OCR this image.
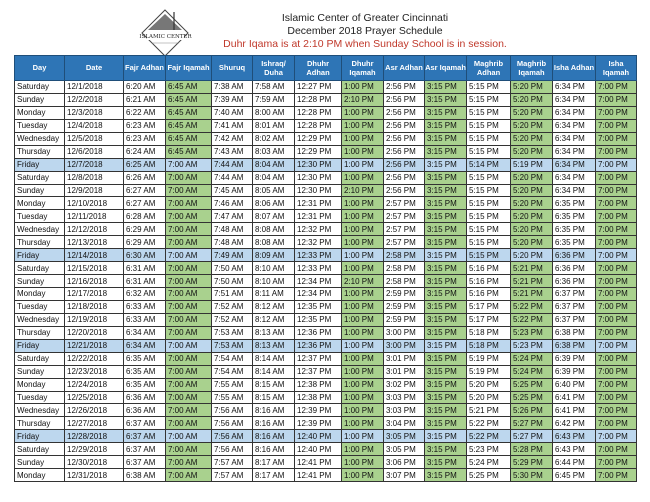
ISLAMIC CENTER
Islamic Center of Greater Cincinnati
December 2018 Prayer Schedule
Duhr Iqama is at 2:10 PM when Sunday School is in session.
Day	Date	Fajr Adhan	Fajr Iqamah	Shuruq	Ishraq/ Duha	Dhuhr Adhan	Dhuhr Iqamah	Asr Adhan	Asr Iqamah	Maghrib Adhan	Maghrib Iqamah	Isha Adhan	Isha Iqamah
Saturday	12/1/2018	6:20 AM	6:45 AM	7:38 AM	7:58 AM	12:27 PM	1:00 PM	2:56 PM	3:15 PM	5:15 PM	5:20 PM	6:34 PM	7:00 PM
Sunday	12/2/2018	6:21 AM	6:45 AM	7:39 AM	7:59 AM	12:28 PM	2:10 PM	2:56 PM	3:15 PM	5:15 PM	5:20 PM	6:34 PM	7:00 PM
Monday	12/3/2018	6:22 AM	6:45 AM	7:40 AM	8:00 AM	12:28 PM	1:00 PM	2:56 PM	3:15 PM	5:15 PM	5:20 PM	6:34 PM	7:00 PM
Tuesday	12/4/2018	6:23 AM	6:45 AM	7:41 AM	8:01 AM	12:28 PM	1:00 PM	2:56 PM	3:15 PM	5:15 PM	5:20 PM	6:34 PM	7:00 PM
Wednesday	12/5/2018	6:23 AM	6:45 AM	7:42 AM	8:02 AM	12:29 PM	1:00 PM	2:56 PM	3:15 PM	5:15 PM	5:20 PM	6:34 PM	7:00 PM
Thursday	12/6/2018	6:24 AM	6:45 AM	7:43 AM	8:03 AM	12:29 PM	1:00 PM	2:56 PM	3:15 PM	5:15 PM	5:20 PM	6:34 PM	7:00 PM
Friday	12/7/2018	6:25 AM	7:00 AM	7:44 AM	8:04 AM	12:30 PM	1:00 PM	2:56 PM	3:15 PM	5:14 PM	5:19 PM	6:34 PM	7:00 PM
Saturday	12/8/2018	6:26 AM	7:00 AM	7:44 AM	8:04 AM	12:30 PM	1:00 PM	2:56 PM	3:15 PM	5:15 PM	5:20 PM	6:34 PM	7:00 PM
Sunday	12/9/2018	6:27 AM	7:00 AM	7:45 AM	8:05 AM	12:30 PM	2:10 PM	2:56 PM	3:15 PM	5:15 PM	5:20 PM	6:34 PM	7:00 PM
Monday	12/10/2018	6:27 AM	7:00 AM	7:46 AM	8:06 AM	12:31 PM	1:00 PM	2:57 PM	3:15 PM	5:15 PM	5:20 PM	6:35 PM	7:00 PM
Tuesday	12/11/2018	6:28 AM	7:00 AM	7:47 AM	8:07 AM	12:31 PM	1:00 PM	2:57 PM	3:15 PM	5:15 PM	5:20 PM	6:35 PM	7:00 PM
Wednesday	12/12/2018	6:29 AM	7:00 AM	7:48 AM	8:08 AM	12:32 PM	1:00 PM	2:57 PM	3:15 PM	5:15 PM	5:20 PM	6:35 PM	7:00 PM
Thursday	12/13/2018	6:29 AM	7:00 AM	7:48 AM	8:08 AM	12:32 PM	1:00 PM	2:57 PM	3:15 PM	5:15 PM	5:20 PM	6:35 PM	7:00 PM
Friday	12/14/2018	6:30 AM	7:00 AM	7:49 AM	8:09 AM	12:33 PM	1:00 PM	2:58 PM	3:15 PM	5:15 PM	5:20 PM	6:36 PM	7:00 PM
Saturday	12/15/2018	6:31 AM	7:00 AM	7:50 AM	8:10 AM	12:33 PM	1:00 PM	2:58 PM	3:15 PM	5:16 PM	5:21 PM	6:36 PM	7:00 PM
Sunday	12/16/2018	6:31 AM	7:00 AM	7:50 AM	8:10 AM	12:34 PM	2:10 PM	2:58 PM	3:15 PM	5:16 PM	5:21 PM	6:36 PM	7:00 PM
Monday	12/17/2018	6:32 AM	7:00 AM	7:51 AM	8:11 AM	12:34 PM	1:00 PM	2:59 PM	3:15 PM	5:16 PM	5:21 PM	6:37 PM	7:00 PM
Tuesday	12/18/2018	6:33 AM	7:00 AM	7:52 AM	8:12 AM	12:35 PM	1:00 PM	2:59 PM	3:15 PM	5:17 PM	5:22 PM	6:37 PM	7:00 PM
Wednesday	12/19/2018	6:33 AM	7:00 AM	7:52 AM	8:12 AM	12:35 PM	1:00 PM	2:59 PM	3:15 PM	5:17 PM	5:22 PM	6:37 PM	7:00 PM
Thursday	12/20/2018	6:34 AM	7:00 AM	7:53 AM	8:13 AM	12:36 PM	1:00 PM	3:00 PM	3:15 PM	5:18 PM	5:23 PM	6:38 PM	7:00 PM
Friday	12/21/2018	6:34 AM	7:00 AM	7:53 AM	8:13 AM	12:36 PM	1:00 PM	3:00 PM	3:15 PM	5:18 PM	5:23 PM	6:38 PM	7:00 PM
Saturday	12/22/2018	6:35 AM	7:00 AM	7:54 AM	8:14 AM	12:37 PM	1:00 PM	3:01 PM	3:15 PM	5:19 PM	5:24 PM	6:39 PM	7:00 PM
Sunday	12/23/2018	6:35 AM	7:00 AM	7:54 AM	8:14 AM	12:37 PM	1:00 PM	3:01 PM	3:15 PM	5:19 PM	5:24 PM	6:39 PM	7:00 PM
Monday	12/24/2018	6:35 AM	7:00 AM	7:55 AM	8:15 AM	12:38 PM	1:00 PM	3:02 PM	3:15 PM	5:20 PM	5:25 PM	6:40 PM	7:00 PM
Tuesday	12/25/2018	6:36 AM	7:00 AM	7:55 AM	8:15 AM	12:38 PM	1:00 PM	3:03 PM	3:15 PM	5:20 PM	5:25 PM	6:41 PM	7:00 PM
Wednesday	12/26/2018	6:36 AM	7:00 AM	7:56 AM	8:16 AM	12:39 PM	1:00 PM	3:03 PM	3:15 PM	5:21 PM	5:26 PM	6:41 PM	7:00 PM
Thursday	12/27/2018	6:37 AM	7:00 AM	7:56 AM	8:16 AM	12:39 PM	1:00 PM	3:04 PM	3:15 PM	5:22 PM	5:27 PM	6:42 PM	7:00 PM
Friday	12/28/2018	6:37 AM	7:00 AM	7:56 AM	8:16 AM	12:40 PM	1:00 PM	3:05 PM	3:15 PM	5:22 PM	5:27 PM	6:43 PM	7:00 PM
Saturday	12/29/2018	6:37 AM	7:00 AM	7:56 AM	8:16 AM	12:40 PM	1:00 PM	3:05 PM	3:15 PM	5:23 PM	5:28 PM	6:43 PM	7:00 PM
Sunday	12/30/2018	6:37 AM	7:00 AM	7:57 AM	8:17 AM	12:41 PM	1:00 PM	3:06 PM	3:15 PM	5:24 PM	5:29 PM	6:44 PM	7:00 PM
Monday	12/31/2018	6:38 AM	7:00 AM	7:57 AM	8:17 AM	12:41 PM	1:00 PM	3:07 PM	3:15 PM	5:25 PM	5:30 PM	6:45 PM	7:00 PM
